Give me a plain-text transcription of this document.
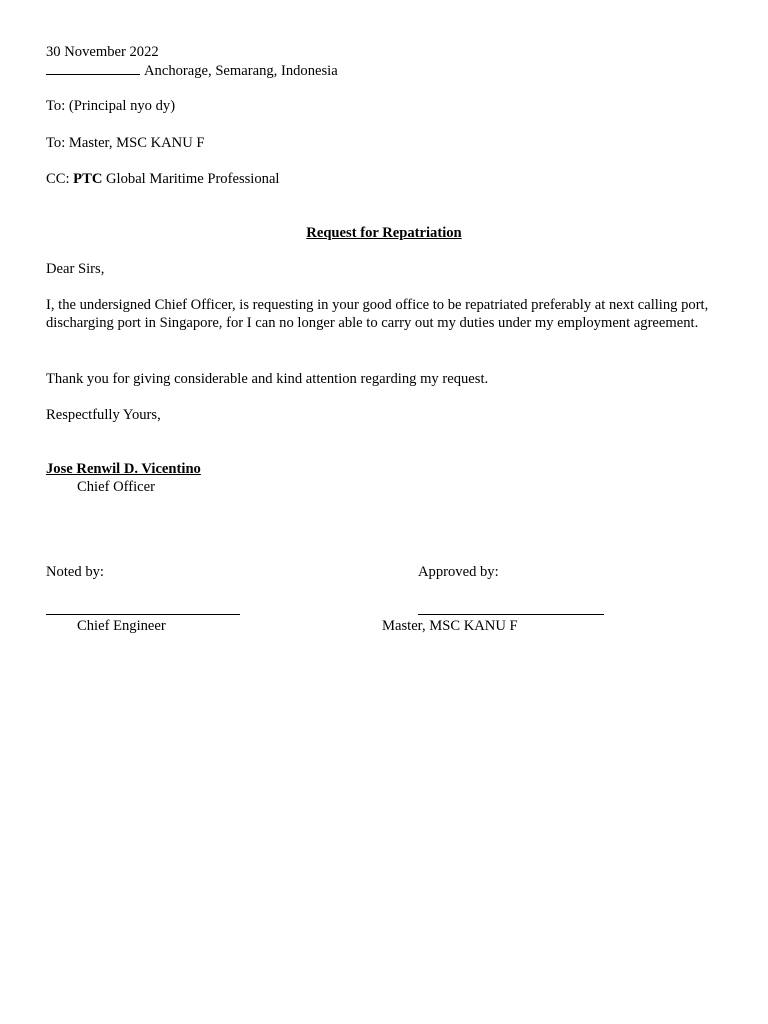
30 November 2022
Anchorage, Semarang, Indonesia
To: (Principal nyo dy)
To: Master, MSC KANU F
CC: PTC Global Maritime Professional
Request for Repatriation
Dear Sirs,
I, the undersigned Chief Officer, is requesting in your good office to be repatriated preferably at next calling port, discharging port in Singapore, for I can no longer able to carry out my duties under my employment agreement.
Thank you for giving considerable and kind attention regarding my request.
Respectfully Yours,
Jose Renwil D. Vicentino
Chief Officer
Noted by:	Approved by:
Chief Engineer	Master, MSC KANU F
